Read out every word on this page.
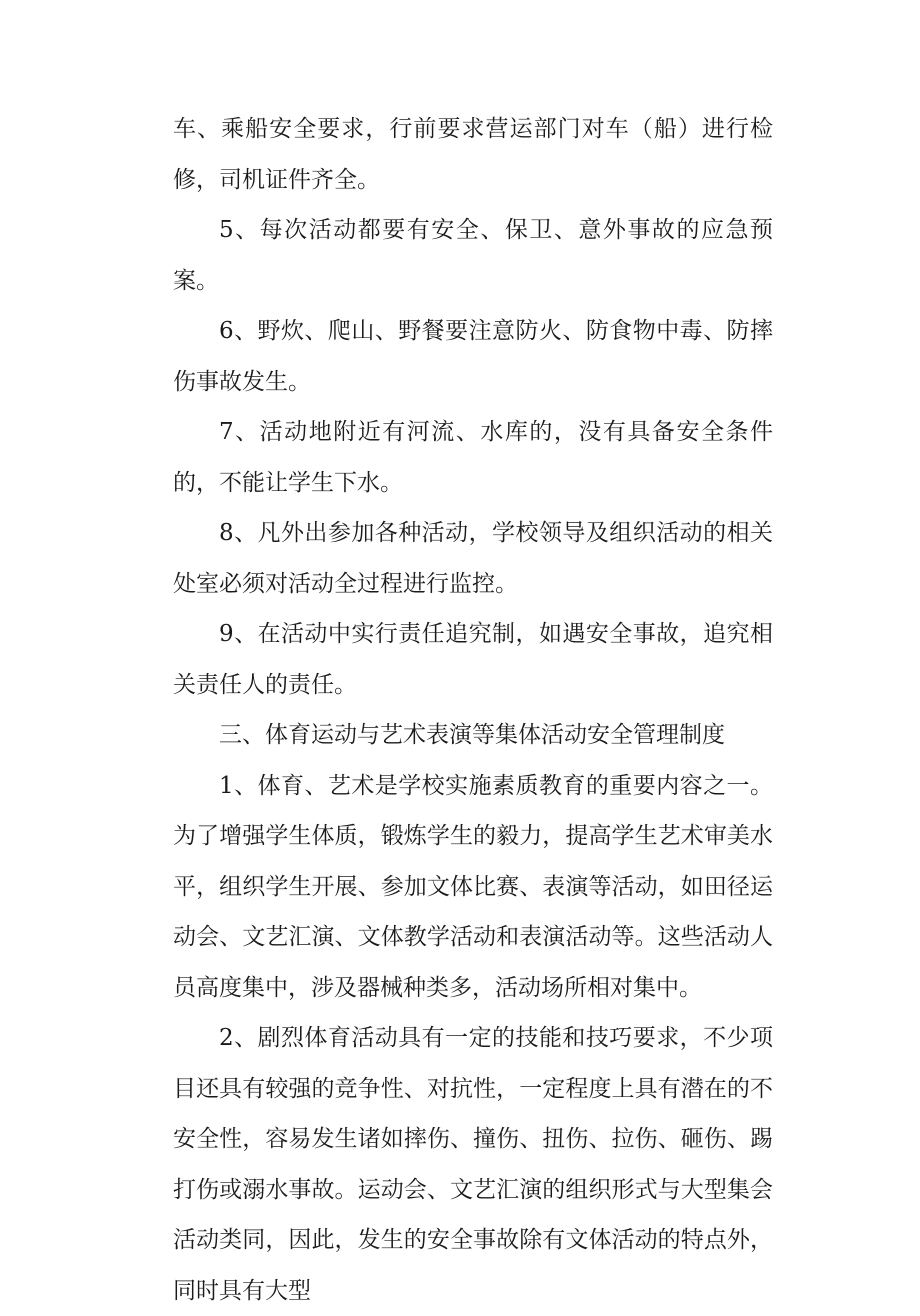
车、乘船安全要求，行前要求营运部门对车（船）进行检修，司机证件齐全。

5、每次活动都要有安全、保卫、意外事故的应急预案。

6、野炊、爬山、野餐要注意防火、防食物中毒、防摔伤事故发生。

7、活动地附近有河流、水库的，没有具备安全条件的，不能让学生下水。

8、凡外出参加各种活动，学校领导及组织活动的相关处室必须对活动全过程进行监控。

9、在活动中实行责任追究制，如遇安全事故，追究相关责任人的责任。

三、体育运动与艺术表演等集体活动安全管理制度

1、体育、艺术是学校实施素质教育的重要内容之一。为了增强学生体质，锻炼学生的毅力，提高学生艺术审美水平，组织学生开展、参加文体比赛、表演等活动，如田径运动会、文艺汇演、文体教学活动和表演活动等。这些活动人员高度集中，涉及器械种类多，活动场所相对集中。

2、剧烈体育活动具有一定的技能和技巧要求，不少项目还具有较强的竞争性、对抗性，一定程度上具有潜在的不安全性，容易发生诸如摔伤、撞伤、扭伤、拉伤、砸伤、踢打伤或溺水事故。运动会、文艺汇演的组织形式与大型集会活动类同，因此，发生的安全事故除有文体活动的特点外，同时具有大型
